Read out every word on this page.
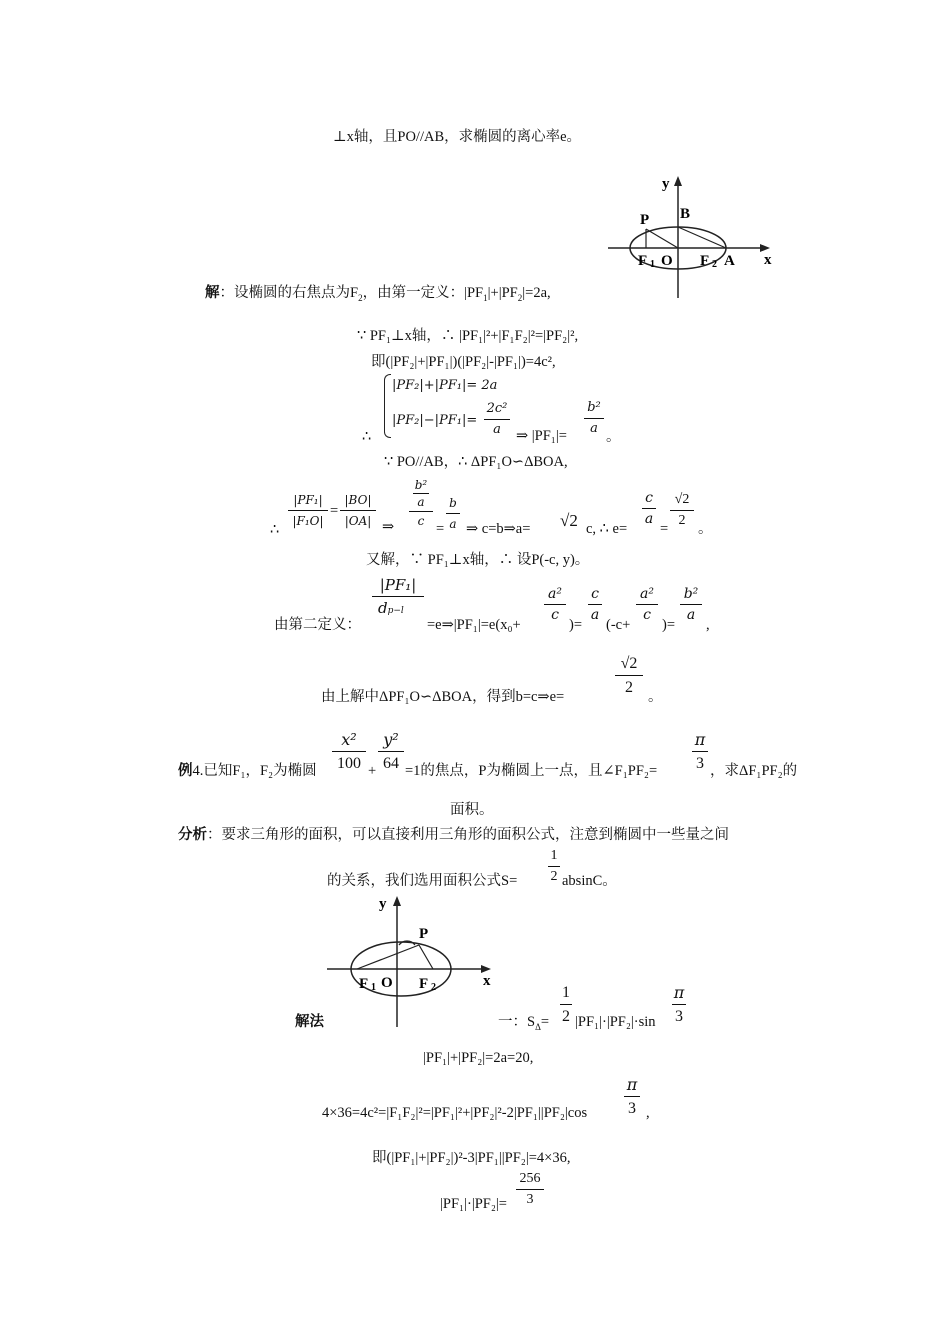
⊥x轴，且PO//AB，求椭圆的离心率e。
y
P B
F 1 O F 2 A x
解：设椭圆的右焦点为$F_2$，由第一定义：$|PF_1|+|PF_2|=2a$,
∵ PF₁⊥x轴，∴ |PF₁|²+|F₁F₂|²=|PF₂|²,
即(|PF₂|+|PF₁|)(|PF₂|-|PF₁|)=4c²,
|PF₂|+|PF₁|= 2a
|PF₂|−|PF₁|=
2c²
a
∴	⇒ |PF₁|=
b²
a
。
∵ PO//AB，∴ ΔPF₁O∽ΔBOA,
∴
|PF₁|
|F₁O|
=
|BO|
|OA| ⇒
b²
a
c =
b
a ⇒ c=b⇒a= √2 c, ∴ e=
c
a
=
√2
2
。
又解，∵ PF₁⊥x轴，∴ 设P(-c, y)。
由第二定义：
|PF₁|
dp−l
=e⇒|PF₁|=e(x₀+
a²
c
)=
c
a
(-c+
a²
c
)=
b²
a
,
由上解中ΔPF₁O∽ΔBOA，得到b=c⇒e=
√2
2
。
例4.已知F₁，F₂为椭圆
x²
100 +
y²
64 =1的焦点，P为椭圆上一点，且∠F₁PF₂=
π
3 ，求ΔF₁PF₂的
面积。
分析：要求三角形的面积，可以直接利用三角形的面积公式，注意到椭圆中一些量之间
的关系，我们选用面积公式S=
1
2 absinC。
y
P
F 1 O F 2	x
解法	一：$S_\Delta=$
1
2 |PF₁|·|PF₂|·sin
π
3
|PF₁|+|PF₂|=2a=20,
4×36=4c²=|F₁F₂|²=|PF₁|²+|PF₂|²-2|PF₁||PF₂|cos
π
3 ,
即(|PF₁|+|PF₂|)²-3|PF₁||PF₂|=4×36,
|PF₁|·|PF₂|=
256
3
